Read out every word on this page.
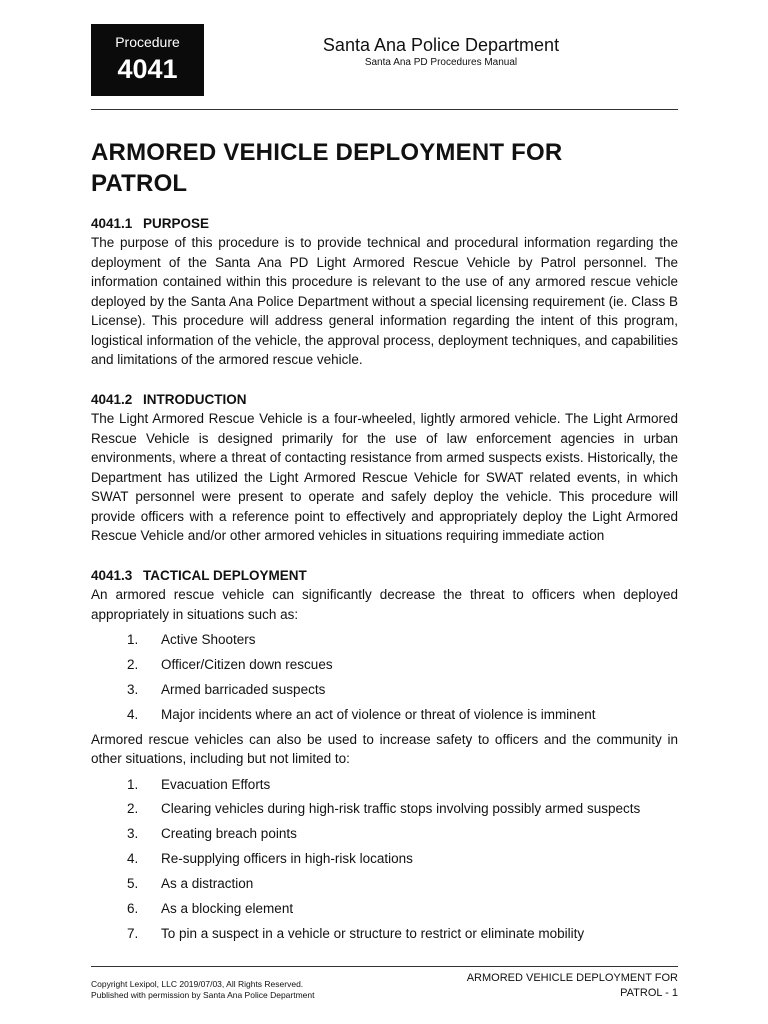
Procedure
4041
Santa Ana Police Department
Santa Ana PD Procedures Manual
ARMORED VEHICLE DEPLOYMENT FOR
PATROL
4041.1 PURPOSE

The purpose of this procedure is to provide technical and procedural information regarding the deployment of the Santa Ana PD Light Armored Rescue Vehicle by Patrol personnel. The information contained within this procedure is relevant to the use of any armored rescue vehicle deployed by the Santa Ana Police Department without a special licensing requirement (ie. Class B License). This procedure will address general information regarding the intent of this program, logistical information of the vehicle, the approval process, deployment techniques, and capabilities and limitations of the armored rescue vehicle.

4041.2 INTRODUCTION

The Light Armored Rescue Vehicle is a four-wheeled, lightly armored vehicle. The Light Armored Rescue Vehicle is designed primarily for the use of law enforcement agencies in urban environments, where a threat of contacting resistance from armed suspects exists. Historically, the Department has utilized the Light Armored Rescue Vehicle for SWAT related events, in which SWAT personnel were present to operate and safely deploy the vehicle. This procedure will provide officers with a reference point to effectively and appropriately deploy the Light Armored Rescue Vehicle and/or other armored vehicles in situations requiring immediate action

4041.3 TACTICAL DEPLOYMENT

An armored rescue vehicle can significantly decrease the threat to officers when deployed appropriately in situations such as:

1.	Active Shooters
2.	Officer/Citizen down rescues
3.	Armed barricaded suspects
4.	Major incidents where an act of violence or threat of violence is imminent

Armored rescue vehicles can also be used to increase safety to officers and the community in other situations, including but not limited to:

1.	Evacuation Efforts
2.	Clearing vehicles during high-risk traffic stops involving possibly armed suspects
3.	Creating breach points
4.	Re-supplying officers in high-risk locations
5.	As a distraction
6.	As a blocking element
7.	To pin a suspect in a vehicle or structure to restrict or eliminate mobility
Copyright Lexipol, LLC 2019/07/03, All Rights Reserved.
Published with permission by Santa Ana Police Department
ARMORED VEHICLE DEPLOYMENT FOR
PATROL - 1
